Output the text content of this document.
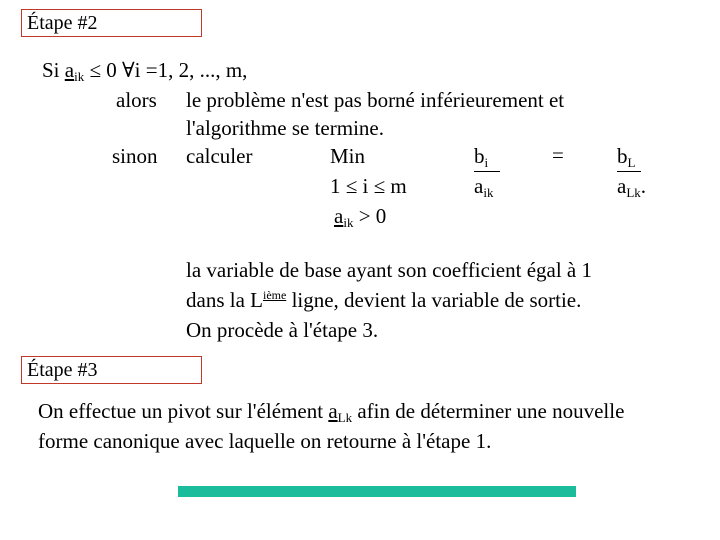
Étape #2
Si $a_{ik} \le 0$ ∀i =1, 2, ..., m,
alors le problème n'est pas borné inférieurement et
l'algorithme se termine.
sinon calculer	Min
1 ≤ i ≤ m
$a_{ik} > 0$
$b_i$
$a_{ik}$
=	$b_L$
$a_{Lk}$.
la variable de base ayant son coefficient égal à 1
dans la Lième ligne, devient la variable de sortie.
On procède à l'étape 3.
Étape #3
On effectue un pivot sur l'élément $a_{Lk}$ afin de déterminer une nouvelle
forme canonique avec laquelle on retourne à l'étape 1.
